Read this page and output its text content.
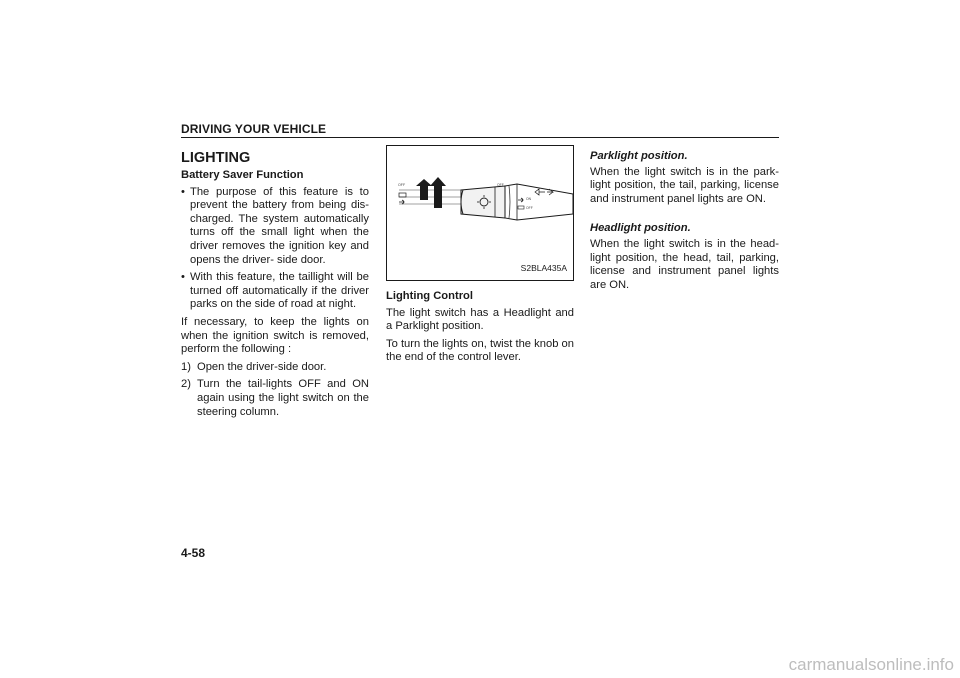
DRIVING YOUR VEHICLE
LIGHTING
Battery Saver Function
• The purpose of this feature is to prevent the battery from being dis-charged. The system automatically turns off the small light when the driver removes the ignition key and opens the driver- side door.
• With this feature, the taillight will be turned off automatically if the driver parks on the side of road at night.
If necessary, to keep the lights on when the ignition switch is removed, perform the following :
1) Open the driver-side door.
2) Turn the tail-lights OFF and ON again using the light switch on the steering column.
OFF
ON
OFF
OFF
S2BLA435A
Lighting Control
The light switch has a Headlight and a Parklight position.
To turn the lights on, twist the knob on the end of the control lever.
Parklight position.
When the light switch is in the park-light position, the tail, parking, license and instrument panel lights are ON.
Headlight position.
When the light switch is in the head-light position, the head, tail, parking, license and instrument panel lights are ON.
4-58
carmanualsonline.info
